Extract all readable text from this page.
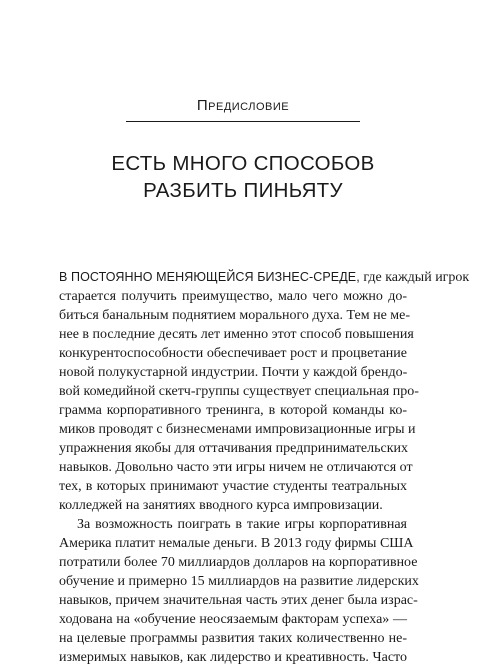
Предисловие
ЕСТЬ МНОГО СПОСОБОВ
РАЗБИТЬ ПИНЬЯТУ
В ПОСТОЯННО МЕНЯЮЩЕЙСЯ БИЗНЕС-СРЕДЕ, где каждый игрок
старается получить преимущество, мало чего можно до-
биться банальным поднятием морального духа. Тем не ме-
нее в последние десять лет именно этот способ повышения
конкурентоспособности обеспечивает рост и процветание
новой полукустарной индустрии. Почти у каждой брендо-
вой комедийной скетч-группы существует специальная про-
грамма корпоративного тренинга, в которой команды ко-
миков проводят с бизнесменами импровизационные игры и
упражнения якобы для оттачивания предпринимательских
навыков. Довольно часто эти игры ничем не отличаются от
тех, в которых принимают участие студенты театральных
колледжей на занятиях вводного курса импровизации.
За возможность поиграть в такие игры корпоративная
Америка платит немалые деньги. В 2013 году фирмы США
потратили более 70 миллиардов долларов на корпоративное
обучение и примерно 15 миллиардов на развитие лидерских
навыков, причем значительная часть этих денег была израс-
ходована на «обучение неосязаемым факторам успеха» —
на целевые программы развития таких количественно не-
измеримых навыков, как лидерство и креативность. Часто
